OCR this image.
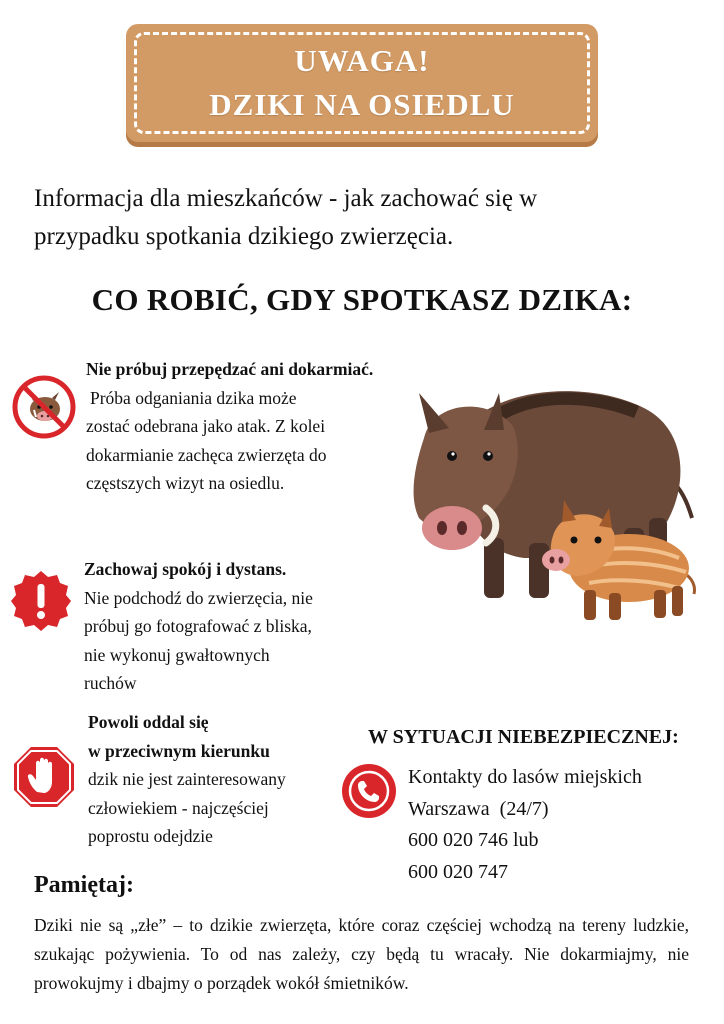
UWAGA!
DZIKI NA OSIEDLU

Informacja dla mieszkańców - jak zachować się w przypadku spotkania dzikiego zwierzęcia.

CO ROBIĆ, GDY SPOTKASZ DZIKA:
Nie próbuj przepędzać ani dokarmiać.
Próba odganiania dzika może
zostać odebrana jako atak. Z kolei
dokarmianie zachęca zwierzęta do
częstszych wizyt na osiedlu.
Zachowaj spokój i dystans.
Nie podchodź do zwierzęcia, nie
próbuj go fotografować z bliska,
nie wykonuj gwałtownych
ruchów
Powoli oddal się
w przeciwnym kierunku
dzik nie jest zainteresowany
człowiekiem - najczęściej
poprostu odejdzie
W SYTUACJI NIEBEZPIECZNEJ:
Kontakty do lasów miejskich
Warszawa  (24/7)
600 020 746 lub
600 020 747
Pamiętaj:

Dziki nie są „złe” – to dzikie zwierzęta, które coraz częściej wchodzą na tereny ludzkie, szukając pożywienia. To od nas zależy, czy będą tu wracały. Nie dokarmiajmy, nie prowokujmy i dbajmy o porządek wokół śmietników.
